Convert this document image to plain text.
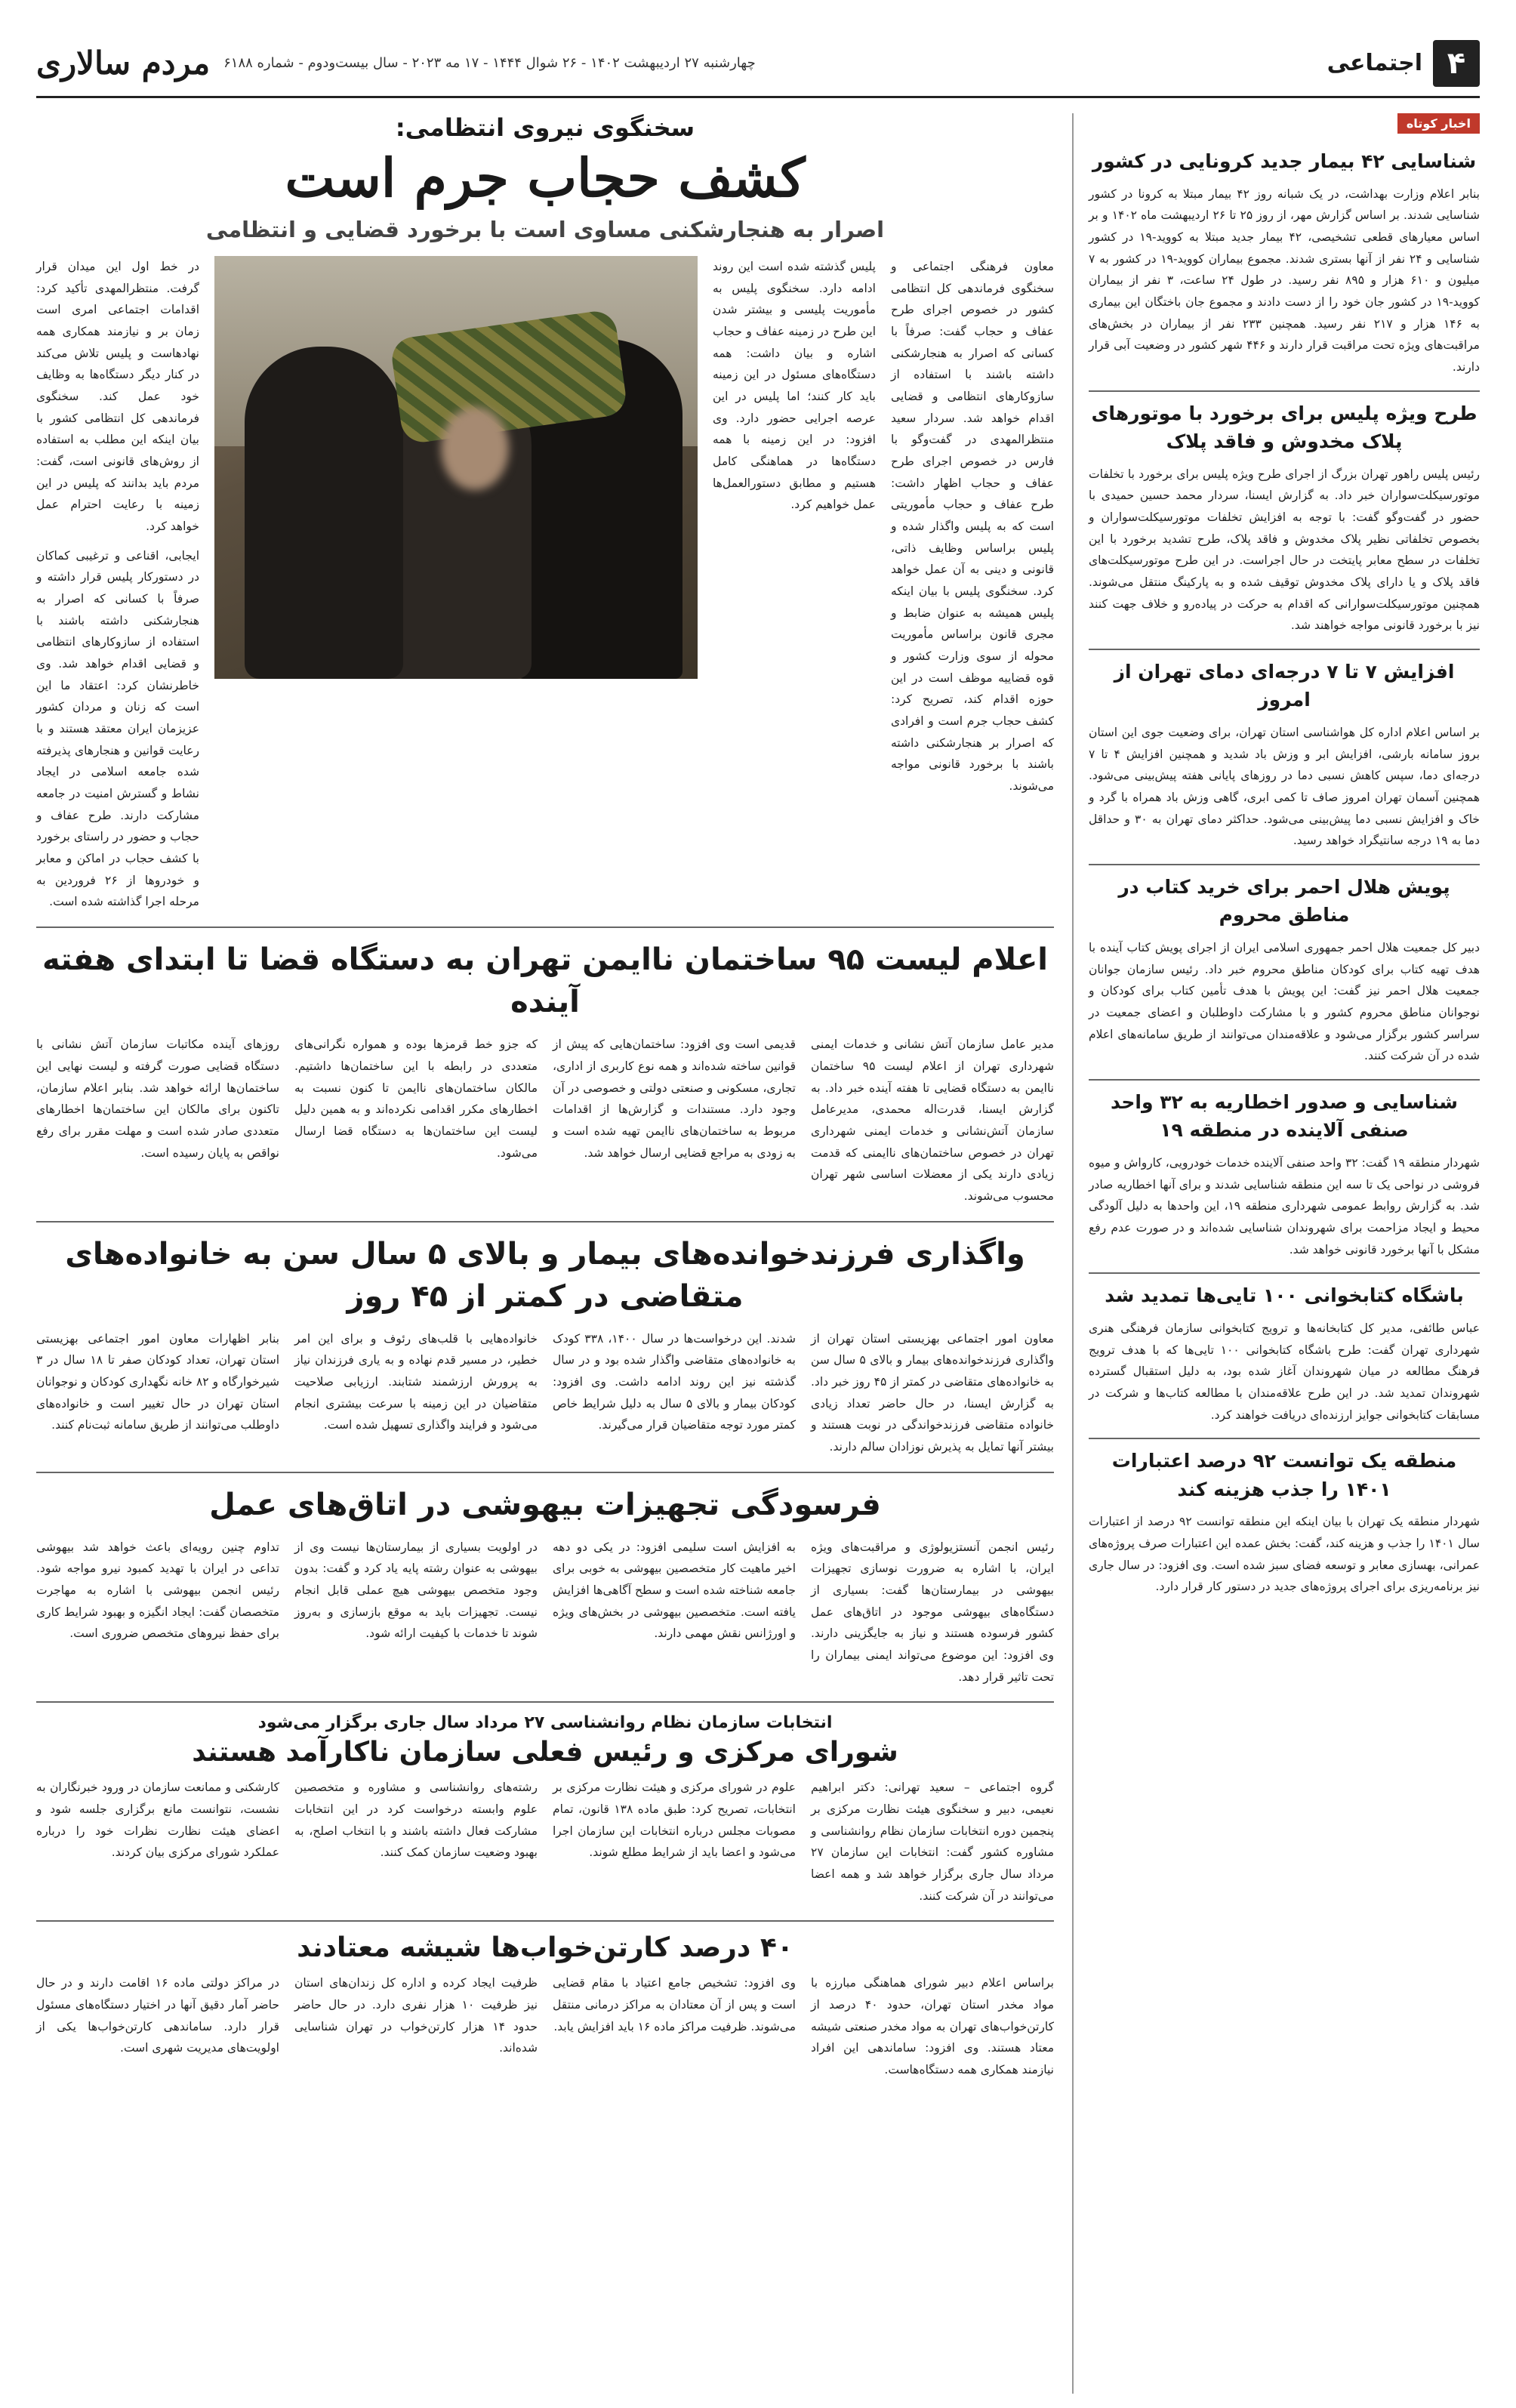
۴
اجتماعی
چهارشنبه ۲۷ اردیبهشت ۱۴۰۲ - ۲۶ شوال ۱۴۴۴ - ۱۷ مه ۲۰۲۳ - سال بیست‌ودوم - شماره ۶۱۸۸
مردم سالاری
اخبار کوتاه
شناسایی ۴۲ بیمار جدید کرونایی در کشور

بنابر اعلام وزارت بهداشت، در یک شبانه روز ۴۲ بیمار مبتلا به کرونا در کشور شناسایی شدند. بر اساس گزارش مهر، از روز ۲۵ تا ۲۶ اردیبهشت ماه ۱۴۰۲ و بر اساس معیارهای قطعی تشخیصی، ۴۲ بیمار جدید مبتلا به کووید-۱۹ در کشور شناسایی و ۲۴ نفر از آنها بستری شدند. مجموع بیماران کووید-۱۹ در کشور به ۷ میلیون و ۶۱۰ هزار و ۸۹۵ نفر رسید. در طول ۲۴ ساعت، ۳ نفر از بیماران کووید-۱۹ در کشور جان خود را از دست دادند و مجموع جان باختگان این بیماری به ۱۴۶ هزار و ۲۱۷ نفر رسید. همچنین ۲۳۳ نفر از بیماران در بخش‌های مراقبت‌های ویژه تحت مراقبت قرار دارند و ۴۴۶ شهر کشور در وضعیت آبی قرار دارند.

طرح ویژه پلیس برای برخورد با موتورهای پلاک مخدوش و فاقد پلاک

رئیس پلیس راهور تهران بزرگ از اجرای طرح ویژه پلیس برای برخورد با تخلفات موتورسیکلت‌سواران خبر داد. به گزارش ایسنا، سردار محمد حسین حمیدی با حضور در گفت‌وگو گفت: با توجه به افزایش تخلفات موتورسیکلت‌سواران و بخصوص تخلفاتی نظیر پلاک مخدوش و فاقد پلاک، طرح تشدید برخورد با این تخلفات در سطح معابر پایتخت در حال اجراست. در این طرح موتورسیکلت‌های فاقد پلاک و یا دارای پلاک مخدوش توقیف شده و به پارکینگ منتقل می‌شوند. همچنین موتورسیکلت‌سوارانی که اقدام به حرکت در پیاده‌رو و خلاف جهت کنند نیز با برخورد قانونی مواجه خواهند شد.

افزایش ۷ تا ۷ درجه‌ای دمای تهران از امروز

بر اساس اعلام اداره کل هواشناسی استان تهران، برای وضعیت جوی این استان بروز سامانه بارشی، افزایش ابر و وزش باد شدید و همچنین افزایش ۴ تا ۷ درجه‌ای دما، سپس کاهش نسبی دما در روزهای پایانی هفته پیش‌بینی می‌شود. همچنین آسمان تهران امروز صاف تا کمی ابری، گاهی وزش باد همراه با گرد و خاک و افزایش نسبی دما پیش‌بینی می‌شود. حداکثر دمای تهران به ۳۰ و حداقل دما به ۱۹ درجه سانتیگراد خواهد رسید.

پویش هلال احمر برای خرید کتاب در مناطق محروم

دبیر کل جمعیت هلال احمر جمهوری اسلامی ایران از اجرای پویش کتاب آینده با هدف تهیه کتاب برای کودکان مناطق محروم خبر داد. رئیس سازمان جوانان جمعیت هلال احمر نیز گفت: این پویش با هدف تأمین کتاب برای کودکان و نوجوانان مناطق محروم کشور و با مشارکت داوطلبان و اعضای جمعیت در سراسر کشور برگزار می‌شود و علاقه‌مندان می‌توانند از طریق سامانه‌های اعلام شده در آن شرکت کنند.

شناسایی و صدور اخطاریه به ۳۲ واحد صنفی آلاینده در منطقه ۱۹

شهردار منطقه ۱۹ گفت: ۳۲ واحد صنفی آلاینده خدمات خودرویی، کارواش و میوه فروشی در نواحی یک تا سه این منطقه شناسایی شدند و برای آنها اخطاریه صادر شد. به گزارش روابط عمومی شهرداری منطقه ۱۹، این واحدها به دلیل آلودگی محیط و ایجاد مزاحمت برای شهروندان شناسایی شده‌اند و در صورت عدم رفع مشکل با آنها برخورد قانونی خواهد شد.

باشگاه کتابخوانی ۱۰۰ تایی‌ها تمدید شد

عباس طائفی، مدیر کل کتابخانه‌ها و ترویج کتابخوانی سازمان فرهنگی هنری شهرداری تهران گفت: طرح باشگاه کتابخوانی ۱۰۰ تایی‌ها که با هدف ترویج فرهنگ مطالعه در میان شهروندان آغاز شده بود، به دلیل استقبال گسترده شهروندان تمدید شد. در این طرح علاقه‌مندان با مطالعه کتاب‌ها و شرکت در مسابقات کتابخوانی جوایز ارزنده‌ای دریافت خواهند کرد.

منطقه یک توانست ۹۲ درصد اعتبارات ۱۴۰۱ را جذب هزینه کند

شهردار منطقه یک تهران با بیان اینکه این منطقه توانست ۹۲ درصد از اعتبارات سال ۱۴۰۱ را جذب و هزینه کند، گفت: بخش عمده این اعتبارات صرف پروژه‌های عمرانی، بهسازی معابر و توسعه فضای سبز شده است. وی افزود: در سال جاری نیز برنامه‌ریزی برای اجرای پروژه‌های جدید در دستور کار قرار دارد.

سخنگوی نیروی انتظامی:
کشف حجاب جرم است
اصرار به هنجارشکنی مساوی است با برخورد قضایی و انتظامی

معاون فرهنگی اجتماعی و سخنگوی فرماندهی کل انتظامی کشور در خصوص اجرای طرح عفاف و حجاب گفت: صرفاً با کسانی که اصرار به هنجارشکنی داشته باشند با استفاده از سازوکارهای انتظامی و قضایی اقدام خواهد شد. سردار سعید منتظرالمهدی در گفت‌وگو با فارس در خصوص اجرای طرح عفاف و حجاب اظهار داشت: طرح عفاف و حجاب مأموریتی است که به پلیس واگذار شده و پلیس براساس وظایف ذاتی، قانونی و دینی به آن عمل خواهد کرد. سخنگوی پلیس با بیان اینکه پلیس همیشه به عنوان ضابط و مجری قانون براساس مأموریت محوله از سوی وزارت کشور و قوه قضاییه موظف است در این حوزه اقدام کند، تصریح کرد: کشف حجاب جرم است و افرادی که اصرار بر هنجارشکنی داشته باشند با برخورد قانونی مواجه می‌شوند.

پلیس گذشته شده است این روند ادامه دارد. سخنگوی پلیس به مأموریت پلیسی و بیشتر شدن این طرح در زمینه عفاف و حجاب اشاره و بیان داشت: همه دستگاه‌های مسئول در این زمینه باید کار کنند؛ اما پلیس در این عرصه اجرایی حضور دارد. وی افزود: در این زمینه با همه دستگاه‌ها در هماهنگی کامل هستیم و مطابق دستورالعمل‌ها عمل خواهیم کرد.

در خط اول این میدان قرار گرفت. منتظرالمهدی تأکید کرد: اقدامات اجتماعی امری است زمان بر و نیازمند همکاری همه نهادهاست و پلیس تلاش می‌کند در کنار دیگر دستگاه‌ها به وظایف خود عمل کند. سخنگوی فرماندهی کل انتظامی کشور با بیان اینکه این مطلب به استفاده از روش‌های قانونی است، گفت: مردم باید بدانند که پلیس در این زمینه با رعایت احترام عمل خواهد کرد.

ایجابی، اقناعی و ترغیبی کماکان در دستورکار پلیس قرار داشته و صرفاً با کسانی که اصرار به هنجارشکنی داشته باشند با استفاده از سازوکارهای انتظامی و قضایی اقدام خواهد شد. وی خاطرنشان کرد: اعتقاد ما این است که زنان و مردان کشور عزیزمان ایران معتقد هستند و با رعایت قوانین و هنجارهای پذیرفته شده جامعه اسلامی در ایجاد نشاط و گسترش امنیت در جامعه مشارکت دارند. طرح عفاف و حجاب و حضور در راستای برخورد با کشف حجاب در اماکن و معابر و خودروها از ۲۶ فروردین به مرحله اجرا گذاشته شده است.

اعلام لیست ۹۵ ساختمان ناایمن تهران به دستگاه قضا تا ابتدای هفته آینده

مدیر عامل سازمان آتش نشانی و خدمات ایمنی شهرداری تهران از اعلام لیست ۹۵ ساختمان ناایمن به دستگاه قضایی تا هفته آینده خبر داد. به گزارش ایسنا، قدرت‌اله محمدی، مدیرعامل سازمان آتش‌نشانی و خدمات ایمنی شهرداری تهران در خصوص ساختمان‌های ناایمنی که قدمت زیادی دارند یکی از معضلات اساسی شهر تهران محسوب می‌شوند.

قدیمی است وی افزود: ساختمان‌هایی که پیش از قوانین ساخته شده‌اند و همه نوع کاربری از اداری، تجاری، مسکونی و صنعتی دولتی و خصوصی در آن وجود دارد. مستندات و گزارش‌ها از اقدامات مربوط به ساختمان‌های ناایمن تهیه شده است و به زودی به مراجع قضایی ارسال خواهد شد.

که جزو خط قرمزها بوده و همواره نگرانی‌های متعددی در رابطه با این ساختمان‌ها داشتیم. مالکان ساختمان‌های ناایمن تا کنون نسبت به اخطارهای مکرر اقدامی نکرده‌اند و به همین دلیل لیست این ساختمان‌ها به دستگاه قضا ارسال می‌شود.

روزهای آینده مکاتبات سازمان آتش نشانی با دستگاه قضایی صورت گرفته و لیست نهایی این ساختمان‌ها ارائه خواهد شد. بنابر اعلام سازمان، تاکنون برای مالکان این ساختمان‌ها اخطارهای متعددی صادر شده است و مهلت مقرر برای رفع نواقص به پایان رسیده است.

واگذاری فرزندخوانده‌های بیمار و بالای ۵ سال سن به خانواده‌های متقاضی در کمتر از ۴۵ روز

معاون امور اجتماعی بهزیستی استان تهران از واگذاری فرزندخوانده‌های بیمار و بالای ۵ سال سن به خانواده‌های متقاضی در کمتر از ۴۵ روز خبر داد. به گزارش ایسنا، در حال حاضر تعداد زیادی خانواده متقاضی فرزندخواندگی در نوبت هستند و بیشتر آنها تمایل به پذیرش نوزادان سالم دارند.

شدند. این درخواست‌ها در سال ۱۴۰۰، ۳۳۸ کودک به خانواده‌های متقاضی واگذار شده بود و در سال گذشته نیز این روند ادامه داشت. وی افزود: کودکان بیمار و بالای ۵ سال به دلیل شرایط خاص کمتر مورد توجه متقاضیان قرار می‌گیرند.

خانواده‌هایی با قلب‌های رئوف و برای این امر خطیر، در مسیر قدم نهاده و به یاری فرزندان نیاز به پرورش ارزشمند شتابند. ارزیابی صلاحیت متقاضیان در این زمینه با سرعت بیشتری انجام می‌شود و فرایند واگذاری تسهیل شده است.

بنابر اظهارات معاون امور اجتماعی بهزیستی استان تهران، تعداد کودکان صفر تا ۱۸ سال در ۳ شیرخوارگاه و ۸۲ خانه نگهداری کودکان و نوجوانان استان تهران در حال تغییر است و خانواده‌های داوطلب می‌توانند از طریق سامانه ثبت‌نام کنند.

فرسودگی تجهیزات بیهوشی در اتاق‌های عمل

رئیس انجمن آنستزیولوژی و مراقبت‌های ویژه ایران، با اشاره به ضرورت نوسازی تجهیزات بیهوشی در بیمارستان‌ها گفت: بسیاری از دستگاه‌های بیهوشی موجود در اتاق‌های عمل کشور فرسوده هستند و نیاز به جایگزینی دارند. وی افزود: این موضوع می‌تواند ایمنی بیماران را تحت تاثیر قرار دهد.

به افزایش است سلیمی افزود: در یکی دو دهه اخیر ماهیت کار متخصصین بیهوشی به خوبی برای جامعه شناخته شده است و سطح آگاهی‌ها افزایش یافته است. متخصصین بیهوشی در بخش‌های ویژه و اورژانس نقش مهمی دارند.

در اولویت بسیاری از بیمارستان‌ها نیست وی از بیهوشی به عنوان رشته پایه یاد کرد و گفت: بدون وجود متخصص بیهوشی هیچ عملی قابل انجام نیست. تجهیزات باید به موقع بازسازی و به‌روز شوند تا خدمات با کیفیت ارائه شود.

تداوم چنین رویه‌ای باعث خواهد شد بیهوشی تداعی در ایران با تهدید کمبود نیرو مواجه شود. رئیس انجمن بیهوشی با اشاره به مهاجرت متخصصان گفت: ایجاد انگیزه و بهبود شرایط کاری برای حفظ نیروهای متخصص ضروری است.

انتخابات سازمان نظام روانشناسی ۲۷ مرداد سال جاری برگزار می‌شود
شورای مرکزی و رئیس فعلی سازمان ناکارآمد هستند

گروه اجتماعی – سعید تهرانی: دکتر ابراهیم نعیمی، دبیر و سخنگوی هیئت نظارت مرکزی بر پنجمین دوره انتخابات سازمان نظام روانشناسی و مشاوره کشور گفت: انتخابات این سازمان ۲۷ مرداد سال جاری برگزار خواهد شد و همه اعضا می‌توانند در آن شرکت کنند.

علوم در شورای مرکزی و هیئت نظارت مرکزی بر انتخابات، تصریح کرد: طبق ماده ۱۳۸ قانون، تمام مصوبات مجلس درباره انتخابات این سازمان اجرا می‌شود و اعضا باید از شرایط مطلع شوند.

رشته‌های روانشناسی و مشاوره و متخصصین علوم وابسته درخواست کرد در این انتخابات مشارکت فعال داشته باشند و با انتخاب اصلح، به بهبود وضعیت سازمان کمک کنند.

کارشکنی و ممانعت سازمان در ورود خبرنگاران به نشست، نتوانست مانع برگزاری جلسه شود و اعضای هیئت نظارت نظرات خود را درباره عملکرد شورای مرکزی بیان کردند.

۴۰ درصد کارتن‌خواب‌ها شیشه معتادند

براساس اعلام دبیر شورای هماهنگی مبارزه با مواد مخدر استان تهران، حدود ۴۰ درصد از کارتن‌خواب‌های تهران به مواد مخدر صنعتی شیشه معتاد هستند. وی افزود: ساماندهی این افراد نیازمند همکاری همه دستگاه‌هاست.

وی افزود: تشخیص جامع اعتیاد با مقام قضایی است و پس از آن معتادان به مراکز درمانی منتقل می‌شوند. ظرفیت مراکز ماده ۱۶ باید افزایش یابد.

ظرفیت ایجاد کرده و اداره کل زندان‌های استان نیز ظرفیت ۱۰ هزار نفری دارد. در حال حاضر حدود ۱۴ هزار کارتن‌خواب در تهران شناسایی شده‌اند.

در مراکز دولتی ماده ۱۶ اقامت دارند و در حال حاضر آمار دقیق آنها در اختیار دستگاه‌های مسئول قرار دارد. ساماندهی کارتن‌خواب‌ها یکی از اولویت‌های مدیریت شهری است.
